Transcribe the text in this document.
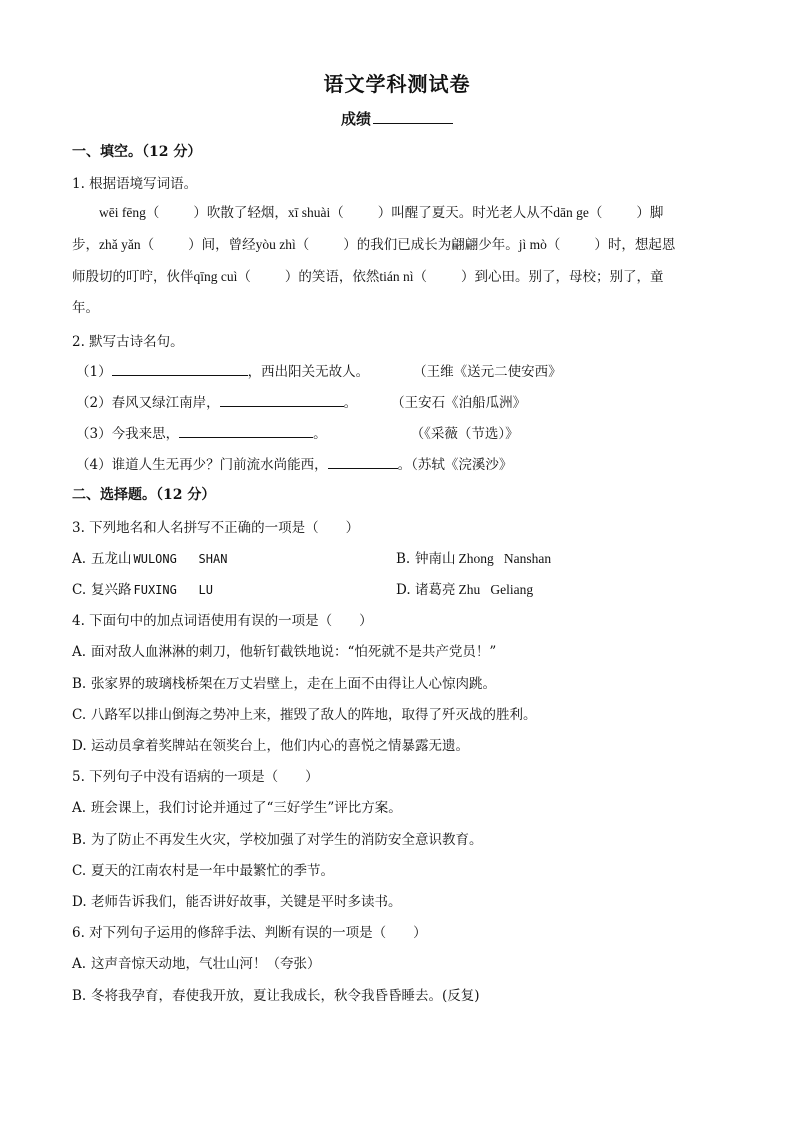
语文学科测试卷
成绩
一、填空。（12 分）
1. 根据语境写词语。
wēi fēng（	）吹散了轻烟，xī shuài（	）叫醒了夏天。时光老人从不dān ge（	）脚
步，zhǎ yǎn（	）间，曾经yòu zhì（	）的我们已成长为翩翩少年。jì mò（	）时，想起恩
师殷切的叮咛，伙伴qīng cuì（	）的笑语，依然tián nì（	）到心田。别了，母校；别了，童
年。
2. 默写古诗名句。
（1）	，西出阳关无故人。	（王维《送元二使安西》
（2）春风又绿江南岸，	。	（王安石《泊船瓜洲》
（3）今我来思，	。	（《采薇（节选）》
（4）谁道人生无再少？门前流水尚能西，	。（苏轼《浣溪沙》
二、选择题。（12 分）
3. 下列地名和人名拼写不正确的一项是（　　）
A. 五龙山 WULONG   SHAN	B. 钟南山 Zhong   Nanshan
C. 复兴路 FUXING   LU	D. 诸葛亮 Zhu   Geliang
4. 下面句中的加点词语使用有误的一项是（　　）
A. 面对敌人血淋淋的刺刀，他斩钉截铁地说：“怕死就不是共产党员！”
B. 张家界的玻璃栈桥架在万丈岩壁上，走在上面不由得让人心惊肉跳。
C. 八路军以排山倒海之势冲上来，摧毁了敌人的阵地，取得了歼灭战的胜利。
D. 运动员拿着奖牌站在领奖台上，他们内心的喜悦之情暴露无遗。
5. 下列句子中没有语病的一项是（　　）
A. 班会课上，我们讨论并通过了“三好学生”评比方案。
B. 为了防止不再发生火灾，学校加强了对学生的消防安全意识教育。
C. 夏天的江南农村是一年中最繁忙的季节。
D. 老师告诉我们，能否讲好故事，关键是平时多读书。
6. 对下列句子运用的修辞手法、判断有误的一项是（　　）
A. 这声音惊天动地，气壮山河！（夸张）
B. 冬将我孕育，春使我开放，夏让我成长，秋令我昏昏睡去。(反复)
